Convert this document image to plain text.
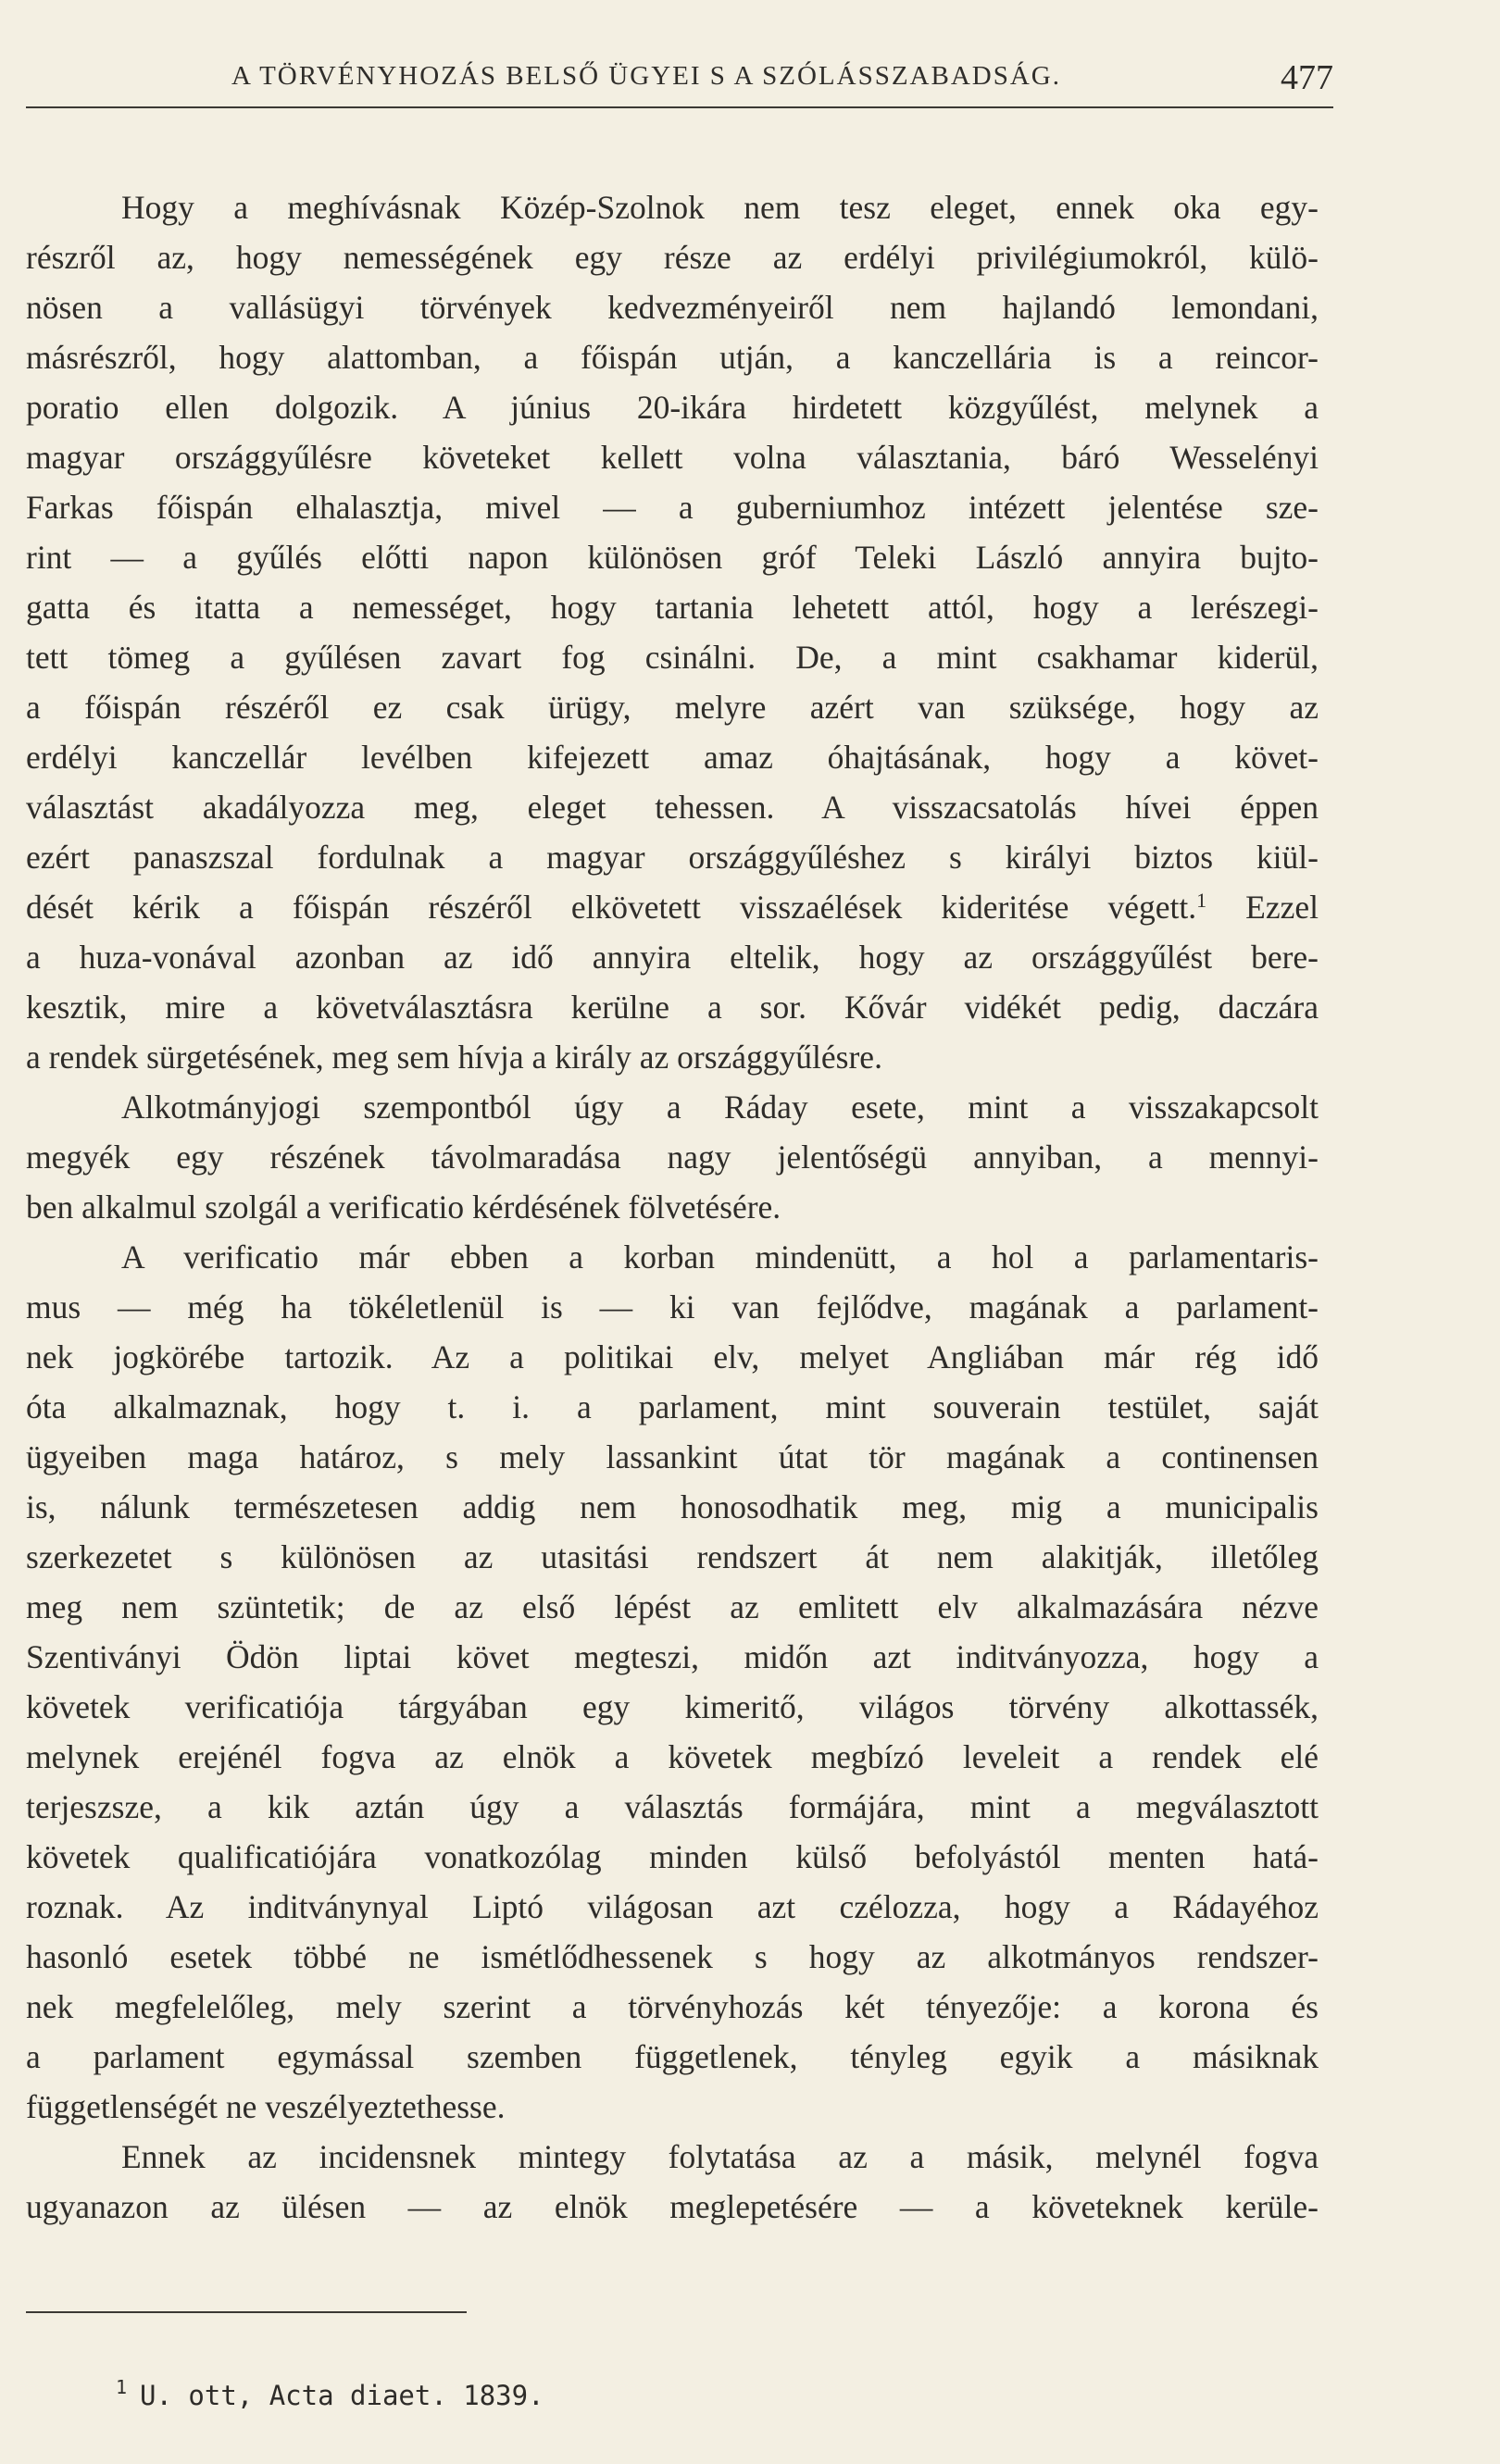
A TÖRVÉNYHOZÁS BELSŐ ÜGYEI S A SZÓLÁSSZABADSÁG.	477
Hogy a meghívásnak Közép-Szolnok nem tesz eleget, ennek oka egy-
részről az, hogy nemességének egy része az erdélyi privilégiumokról, külö-
nösen a vallásügyi törvények kedvezményeiről nem hajlandó lemondani,
másrészről, hogy alattomban, a főispán utján, a kanczellária is a reincor-
poratio ellen dolgozik. A június 20-ikára hirdetett közgyűlést, melynek a
magyar országgyűlésre követeket kellett volna választania, báró Wesselényi
Farkas főispán elhalasztja, mivel — a guberniumhoz intézett jelentése sze-
rint — a gyűlés előtti napon különösen gróf Teleki László annyira bujto-
gatta és itatta a nemességet, hogy tartania lehetett attól, hogy a lerészegi-
tett tömeg a gyűlésen zavart fog csinálni. De, a mint csakhamar kiderül,
a főispán részéről ez csak ürügy, melyre azért van szüksége, hogy az
erdélyi kanczellár levélben kifejezett amaz óhajtásának, hogy a követ-
választást akadályozza meg, eleget tehessen. A visszacsatolás hívei éppen
ezért panaszszal fordulnak a magyar országgyűléshez s királyi biztos kiül-
dését kérik a főispán részéről elkövetett visszaélések kideritése végett.$^1$ Ezzel
a huza-vonával azonban az idő annyira eltelik, hogy az országgyűlést bere-
kesztik, mire a követválasztásra kerülne a sor. Kővár vidékét pedig, daczára
a rendek sürgetésének, meg sem hívja a király az országgyűlésre.
Alkotmányjogi szempontból úgy a Ráday esete, mint a visszakapcsolt
megyék egy részének távolmaradása nagy jelentőségü annyiban, a mennyi-
ben alkalmul szolgál a verificatio kérdésének fölvetésére.
A verificatio már ebben a korban mindenütt, a hol a parlamentaris-
mus — még ha tökéletlenül is — ki van fejlődve, magának a parlament-
nek jogkörébe tartozik. Az a politikai elv, melyet Angliában már rég idő
óta alkalmaznak, hogy t. i. a parlament, mint souverain testület, saját
ügyeiben maga határoz, s mely lassankint útat tör magának a continensen
is, nálunk természetesen addig nem honosodhatik meg, mig a municipalis
szerkezetet s különösen az utasitási rendszert át nem alakitják, illetőleg
meg nem szüntetik; de az első lépést az emlitett elv alkalmazására nézve
Szentiványi Ödön liptai követ megteszi, midőn azt inditványozza, hogy a
követek verificatiója tárgyában egy kimeritő, világos törvény alkottassék,
melynek erejénél fogva az elnök a követek megbízó leveleit a rendek elé
terjeszsze, a kik aztán úgy a választás formájára, mint a megválasztott
követek qualificatiójára vonatkozólag minden külső befolyástól menten hatá-
roznak. Az inditványnyal Liptó világosan azt czélozza, hogy a Rádayéhoz
hasonló esetek többé ne ismétlődhessenek s hogy az alkotmányos rendszer-
nek megfelelőleg, mely szerint a törvényhozás két tényezője: a korona és
a parlament egymással szemben függetlenek, tényleg egyik a másiknak
függetlenségét ne veszélyeztethesse.
Ennek az incidensnek mintegy folytatása az a másik, melynél fogva
ugyanazon az ülésen — az elnök meglepetésére — a követeknek kerüle-
1 U. ott, Acta diaet. 1839.
